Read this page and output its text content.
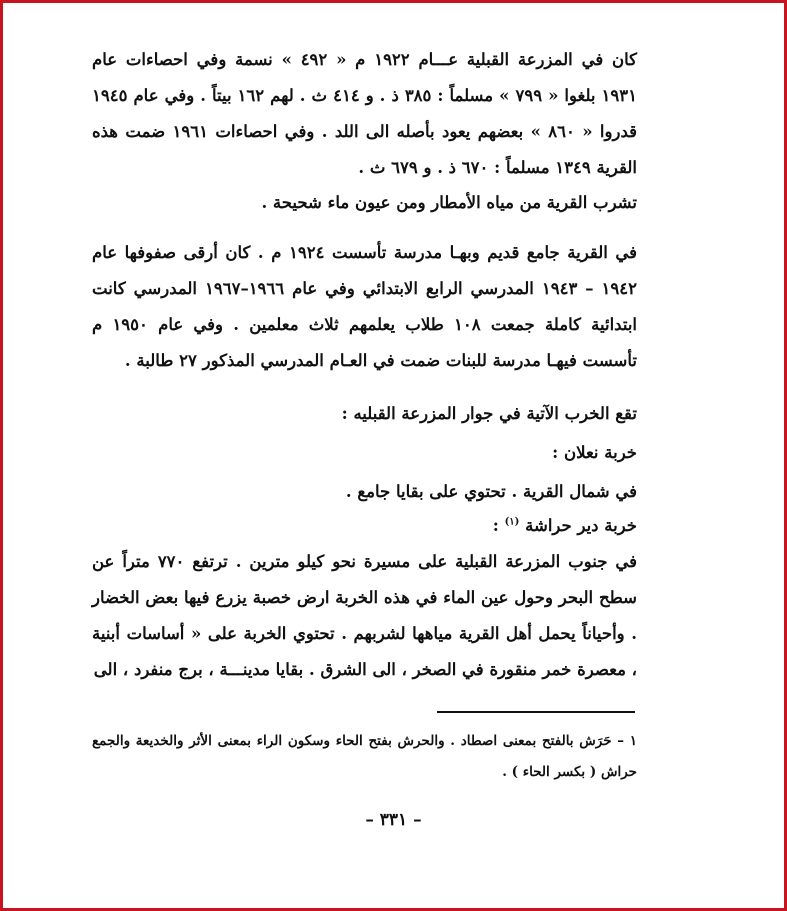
كان في المزرعة القبلية عـــام ١٩٢٢ م « ٤٩٢ » نسمة وفي احصاءات عام ١٩٣١ بلغوا « ٧٩٩ » مسلماً : ٣٨٥ ذ . و ٤١٤ ث . لهم ١٦٢ بيتاً . وفي عام ١٩٤٥ قدروا « ٨٦٠ » بعضهم يعود بأصله الى اللد . وفي احصاءات ١٩٦١ ضمت هذه القرية ١٣٤٩ مسلماً : ٦٧٠ ذ . و ٦٧٩ ث .

تشرب القرية من مياه الأمطار ومن عيون ماء شحيحة .

في القرية جامع قديم وبهـا مدرسة تأسست ١٩٢٤ م . كان أرقى صفوفها عام ١٩٤٢ – ١٩٤٣ المدرسي الرابع الابتدائي وفي عام ١٩٦٦–١٩٦٧ المدرسي كانت ابتدائية كاملة جمعت ١٠٨ طلاب يعلمهم ثلاث معلمين . وفي عام ١٩٥٠ م تأسست فيهـا مدرسة للبنات ضمت في العـام المدرسي المذكور ٢٧ طالبة .

تقع الخرب الآتية في جوار المزرعة القبليه :

خربة نعلان :

في شمال القرية . تحتوي على بقايا جامع .

خربة دير حراشة $^{(١)}$ :

في جنوب المزرعة القبلية على مسيرة نحو كيلو مترين . ترتفع ٧٧٠ متراً عن سطح البحر وحول عين الماء في هذه الخربة ارض خصبة يزرع فيها بعض الخضار . وأحياناً يحمل أهل القرية مياهها لشربهم . تحتوي الخربة على « أساسات أبنية ، معصرة خمر منقورة في الصخر ، الى الشرق . بقايا مدينـــة ، برج منفرد ، الى

١ – حَرَش بالفتح بمعنى اصطاد . والحرش بفتح الحاء وسكون الراء بمعنى الأثر والخديعة والجمع حراش ( بكسر الحاء ) .

– ٣٣١ –
